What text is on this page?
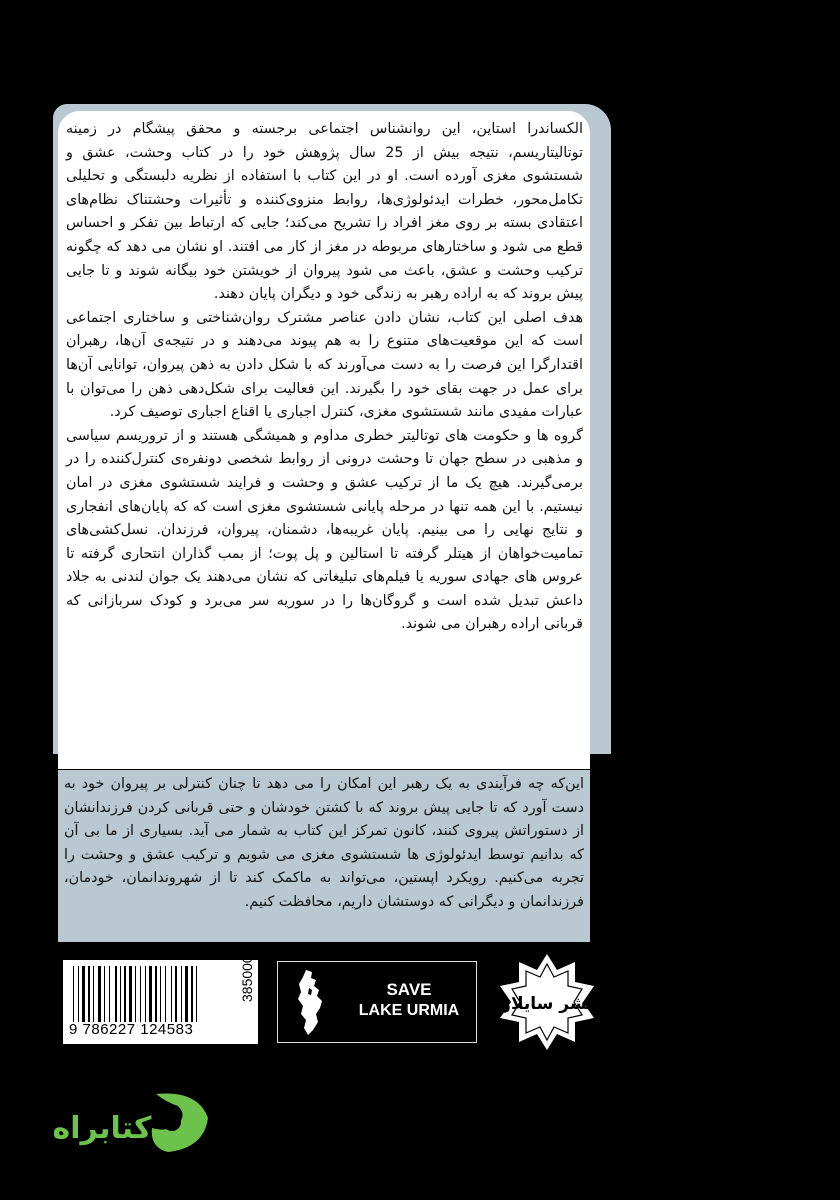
الکساندرا استاین، این روانشناس اجتماعی برجسته و محقق پیشگام در زمینه توتالیتاریسم، نتیجه بیش از 25 سال پژوهش خود را در کتاب وحشت، عشق و شستشوی مغزی آورده است. او در این کتاب با استفاده از نظریه دلبستگی و تحلیلی تکامل‌محور، خطرات ایدئولوژی‌ها، روابط منزوی‌کننده و تأثیرات وحشتناک نظام‌های اعتقادی بسته بر روی مغز افراد را تشریح می‌کند؛ جایی که ارتباط بین تفکر و احساس قطع می شود و ساختارهای مربوطه در مغز از کار می افتند. او نشان می دهد که چگونه ترکیب وحشت و عشق، باعث می شود پیروان از خویشتن خود بیگانه شوند و تا جایی پیش بروند که به اراده رهبر به زندگی خود و دیگران پایان دهند.

هدف اصلی این کتاب، نشان دادن عناصر مشترک روان‌شناختی و ساختاری اجتماعی است که این موقعیت‌های متنوع را به هم پیوند می‌دهند و در نتیجه‌ی آن‌ها، رهبران اقتدارگرا این فرصت را به دست می‌آورند که با شکل دادن به ذهن پیروان، توانایی آن‌ها برای عمل در جهت بقای خود را بگیرند. این فعالیت برای شکل‌دهی ذهن را می‌توان با عبارات مفیدی مانند شستشوی مغزی، کنترل اجباری یا اقناع اجباری توصیف کرد.

گروه ها و حکومت های توتالیتر خطری مداوم و همیشگی هستند و از تروریسم سیاسی و مذهبی در سطح جهان تا وحشت درونی از روابط شخصی دونفره‌ی کنترل‌کننده را در برمی‌گیرند. هیچ یک ما از ترکیب عشق و وحشت و فرایند شستشوی مغزی در امان نیستیم. با این همه تنها در مرحله پایانی شستشوی مغزی است که که پایان‌های انفجاری و نتایج نهایی را می بینیم. پایان غریبه‌ها، دشمنان، پیروان، فرزندان. نسل‌کشی‌های تمامیت‌خواهان از هیتلر گرفته تا استالین و پل پوت؛ از بمب گذاران انتحاری گرفته تا عروس های جهادی سوریه یا فیلم‌های تبلیغاتی که نشان می‌دهند یک جوان لندنی به جلاد داعش تبدیل شده است و گروگان‌ها را در سوریه سر می‌برد و کودک سربازانی که قربانی اراده رهبران می شوند.

این‌که چه فرآیندی به یک رهبر این امکان را می دهد تا چنان کنترلی بر پیروان خود به دست آورد که تا جایی پیش بروند که با کشتن خودشان و حتی قربانی کردن فرزندانشان از دستوراتش پیروی کنند، کانون تمرکز این کتاب به شمار می آید. بسیاری از ما بی آن که بدانیم توسط ایدئولوژی ها شستشوی مغزی می شویم و ترکیب عشق و وحشت را تجربه می‌کنیم. رویکرد اپستین، می‌تواند به ماکمک کند تا از شهروندانمان، خودمان، فرزندانمان و دیگرانی که دوستشان داریم، محافظت کنیم.

9 786227 124583
385000 T	SAVE
LAKE URMIA	نشر سایلاو
کتابراه
